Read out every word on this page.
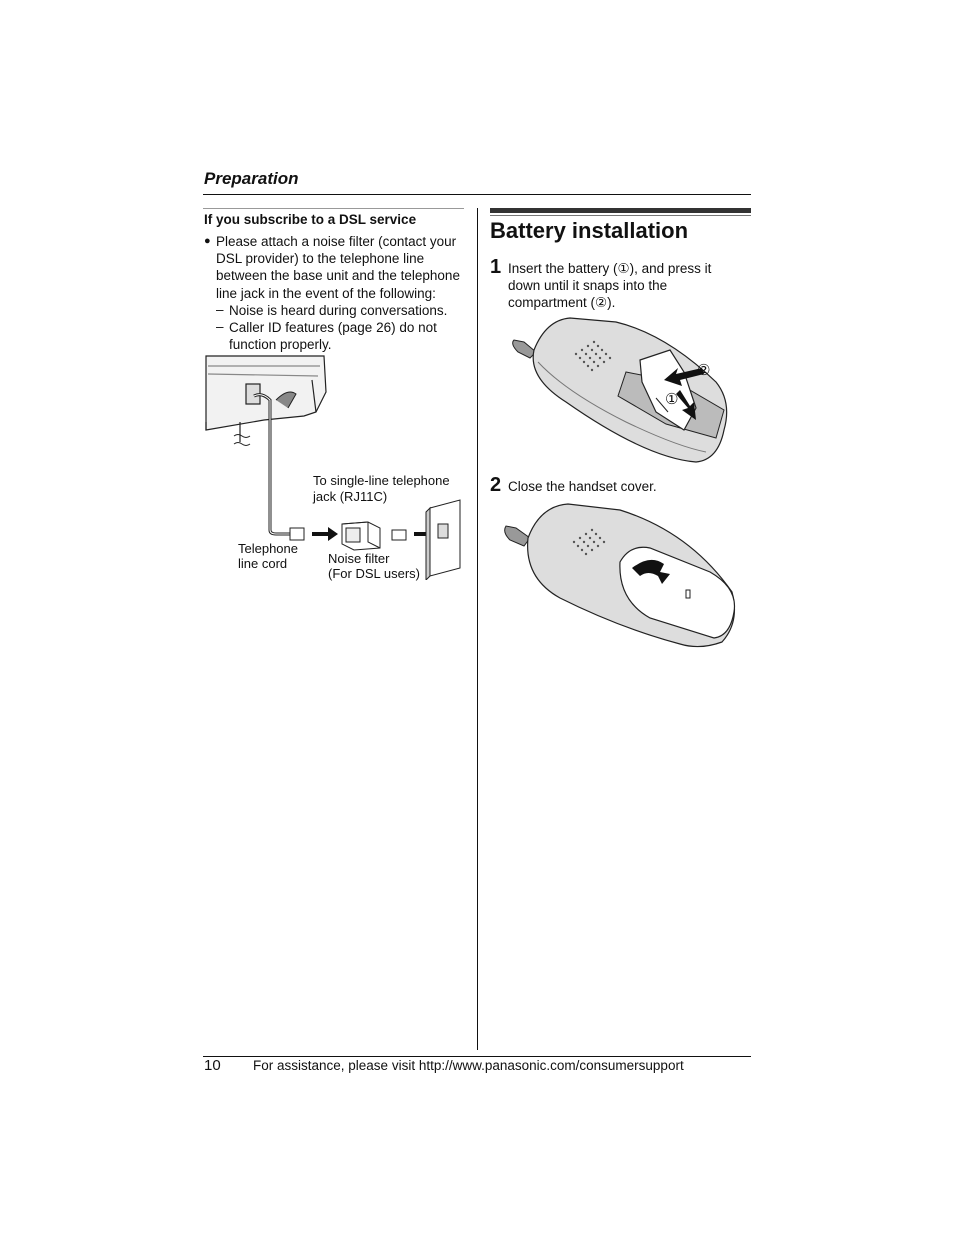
Preparation
If you subscribe to a DSL service
● Please attach a noise filter (contact your DSL provider) to the telephone line between the base unit and the telephone line jack in the event of the following:
– Noise is heard during conversations.
– Caller ID features (page 26) do not function properly.
To single-line telephone
jack (RJ11C)
Telephone
line cord	Noise filter
(For DSL users)
Battery installation
1 Insert the battery (①), and press it down until it snaps into the compartment (②).
②
①
2 Close the handset cover.
10 For assistance, please visit http://www.panasonic.com/consumersupport
